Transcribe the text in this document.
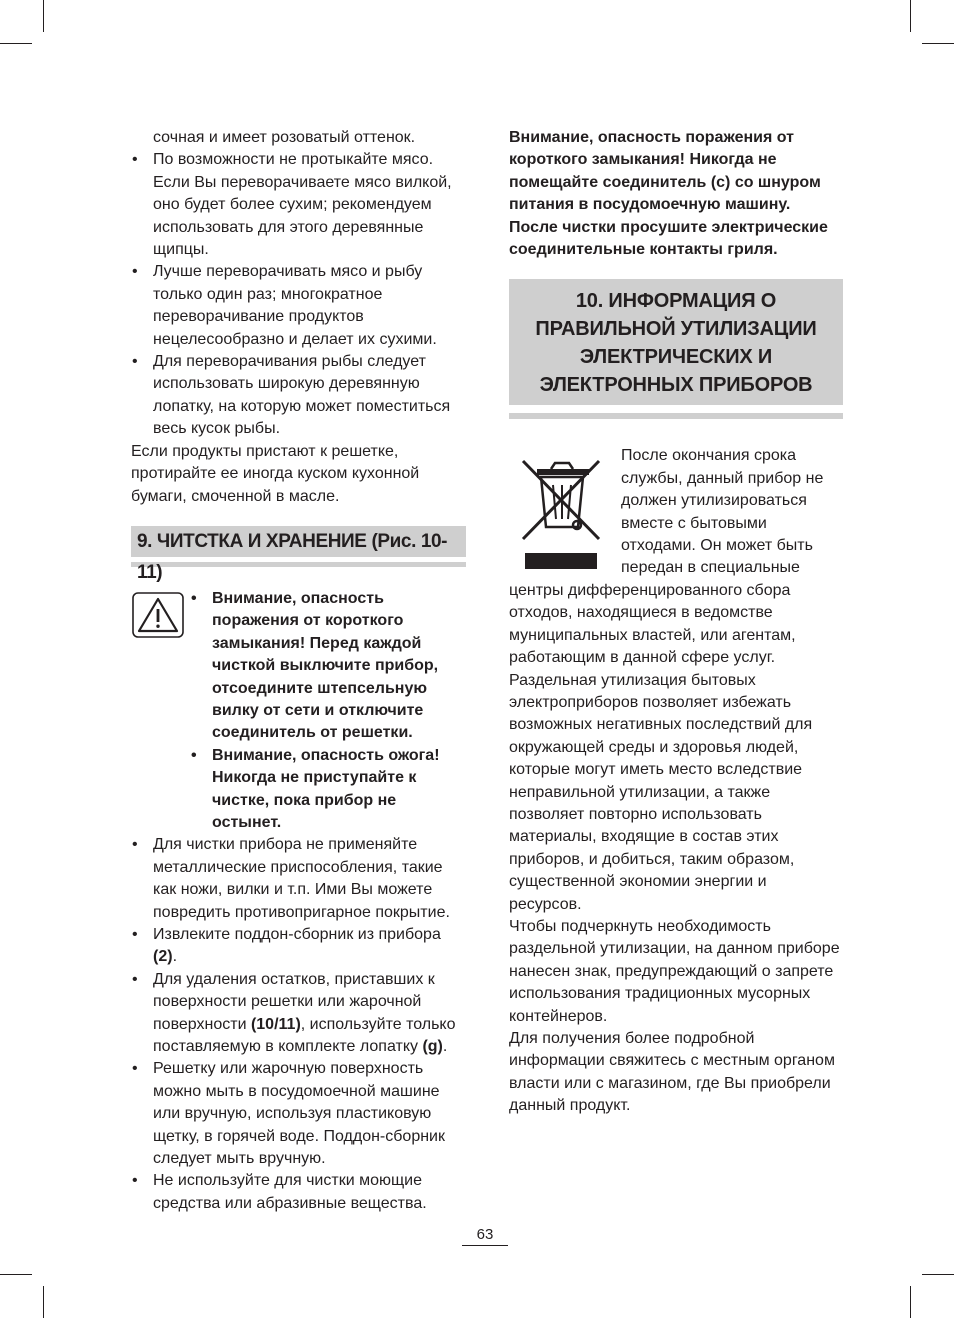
сочная и имеет розоватый оттенок.

• По возможности не протыкайте мясо. Если Вы переворачиваете мясо вилкой, оно будет более сухим; рекомендуем использовать для этого деревянные щипцы.
• Лучше переворачивать мясо и рыбу только один раз; многократное переворачивание продуктов нецелесообразно и делает их сухими.
• Для переворачивания рыбы следует использовать широкую деревянную лопатку, на которую может поместиться весь кусок рыбы.

Если продукты пристают к решетке, протирайте ее иногда куском кухонной бумаги, смоченной в масле.

9. ЧИТСТКА И ХРАНЕНИЕ (Рис. 10-11)
• Внимание, опасность поражения от короткого замыкания! Перед каждой чисткой выключите прибор, отсоедините штепсельную вилку от сети и отключите соединитель от решетки.
• Внимание, опасность ожога! Никогда не приступайте к чистке, пока прибор не остынет.
• Для чистки прибора не применяйте металлические приспособления, такие как ножи, вилки и т.п. Ими Вы можете повредить противопригарное покрытие.
• Извлеките поддон-сборник из прибора (2).
• Для удаления остатков, приставших к поверхности решетки или жарочной поверхности (10/11), используйте только поставляемую в комплекте лопатку (g).
• Решетку или жарочную поверхность можно мыть в посудомоечной машине или вручную, используя пластиковую щетку, в горячей воде. Поддон-сборник следует мыть вручную.
• Не используйте для чистки моющие средства или абразивные вещества.

Внимание, опасность поражения от короткого замыкания! Никогда не помещайте соединитель (c) со шнуром питания в посудомоечную машину. После чистки просушите электрические соединительные контакты гриля.

10. ИНФОРМАЦИЯ О ПРАВИЛЬНОЙ УТИЛИЗАЦИИ ЭЛЕКТРИЧЕСКИХ И ЭЛЕКТРОННЫХ ПРИБОРОВ

После окончания срока службы, данный прибор не должен утилизироваться вместе с бытовыми отходами. Он может быть передан в специальные центры дифференцированного сбора отходов, находящиеся в ведомстве муниципальных властей, или агентам, работающим в данной сфере услуг. Раздельная утилизация бытовых электроприборов позволяет избежать возможных негативных последствий для окружающей среды и здоровья людей, которые могут иметь место вследствие неправильной утилизации, а также позволяет повторно использовать материалы, входящие в состав этих приборов, и добиться, таким образом, существенной экономии энергии и ресурсов.

Чтобы подчеркнуть необходимость раздельной утилизации, на данном приборе нанесен знак, предупреждающий о запрете использования традиционных мусорных контейнеров.

Для получения более подробной информации свяжитесь с местным органом власти или с магазином, где Вы приобрели данный продукт.

63
